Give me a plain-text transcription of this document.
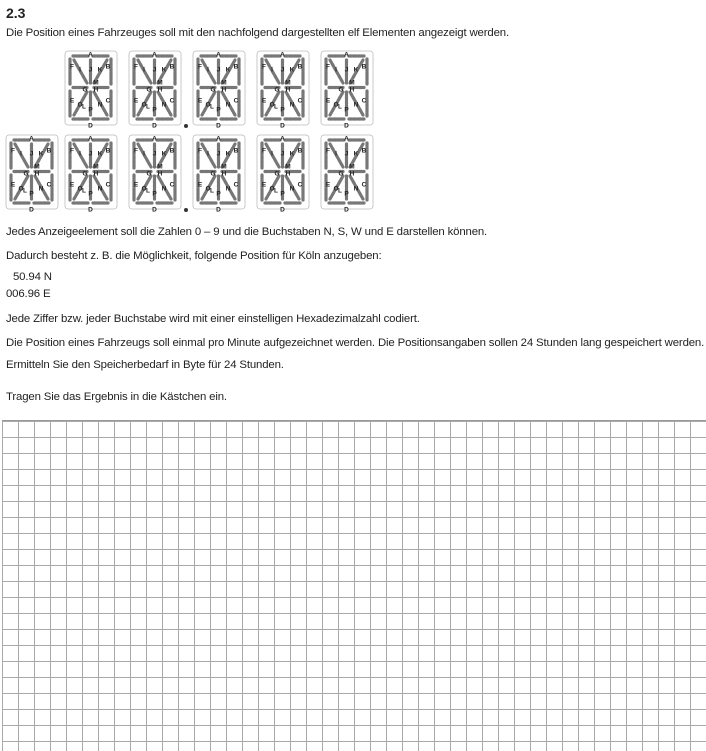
2.3
Die Position eines Fahrzeuges soll mit den nachfolgend dargestellten elf Elementen angezeigt werden.
A
B
C
D
E
F
G H
I J K
L
M
N
O
P
A
B
C
D
E
F
G H
I J K
L
M
N
O
P
A
B
C
D
E
F
G H
I J K
L
M
N
O
P
A
B
C
D
E
F
G H
I J K
L
M
N
O
P
A
B
C
D
E
F
G H
I J K
L
M
N
O
P
A
B
C
D
E
F
G H
I J K
L
M
N
O
P
A
B
C
D
E
F
G H
I J K
L
M
N
O
P
A
B
C
D
E
F
G H
I J K
L
M
N
O
P
A
B
C
D
E
F
G H
I J K
L
M
N
O
P
A
B
C
D
E
F
G H
I J K
L
M
N
O
P
A
B
C
D
E
F
G H
I J K
L
M
N
O
P
Jedes Anzeigeelement soll die Zahlen 0 – 9 und die Buchstaben N, S, W und E darstellen können.
Dadurch besteht z. B. die Möglichkeit, folgende Position für Köln anzugeben:
50.94 N
006.96 E
Jede Ziffer bzw. jeder Buchstabe wird mit einer einstelligen Hexadezimalzahl codiert.
Die Position eines Fahrzeugs soll einmal pro Minute aufgezeichnet werden. Die Positionsangaben sollen 24 Stunden lang gespeichert werden.
Ermitteln Sie den Speicherbedarf in Byte für 24 Stunden.
Tragen Sie das Ergebnis in die Kästchen ein.
